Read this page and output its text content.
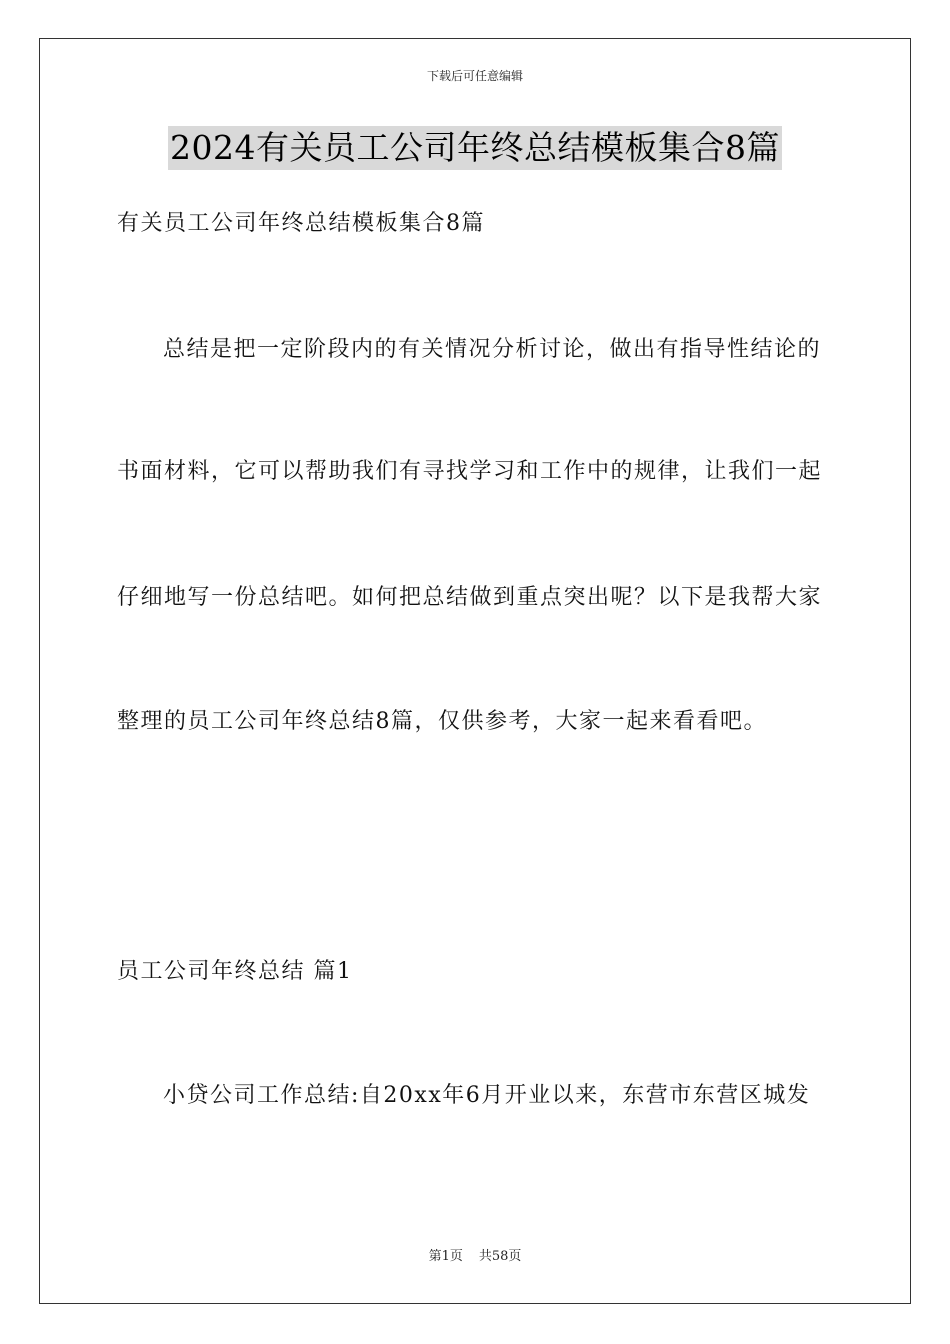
下载后可任意编辑
2024有关员工公司年终总结模板集合8篇
有关员工公司年终总结模板集合8篇
总结是把一定阶段内的有关情况分析讨论，做出有指导性结论的
书面材料，它可以帮助我们有寻找学习和工作中的规律，让我们一起
仔细地写一份总结吧。如何把总结做到重点突出呢？以下是我帮大家
整理的员工公司年终总结8篇，仅供参考，大家一起来看看吧。
员工公司年终总结 篇1
小贷公司工作总结:自20xx年6月开业以来，东营市东营区城发
第1页 共58页
